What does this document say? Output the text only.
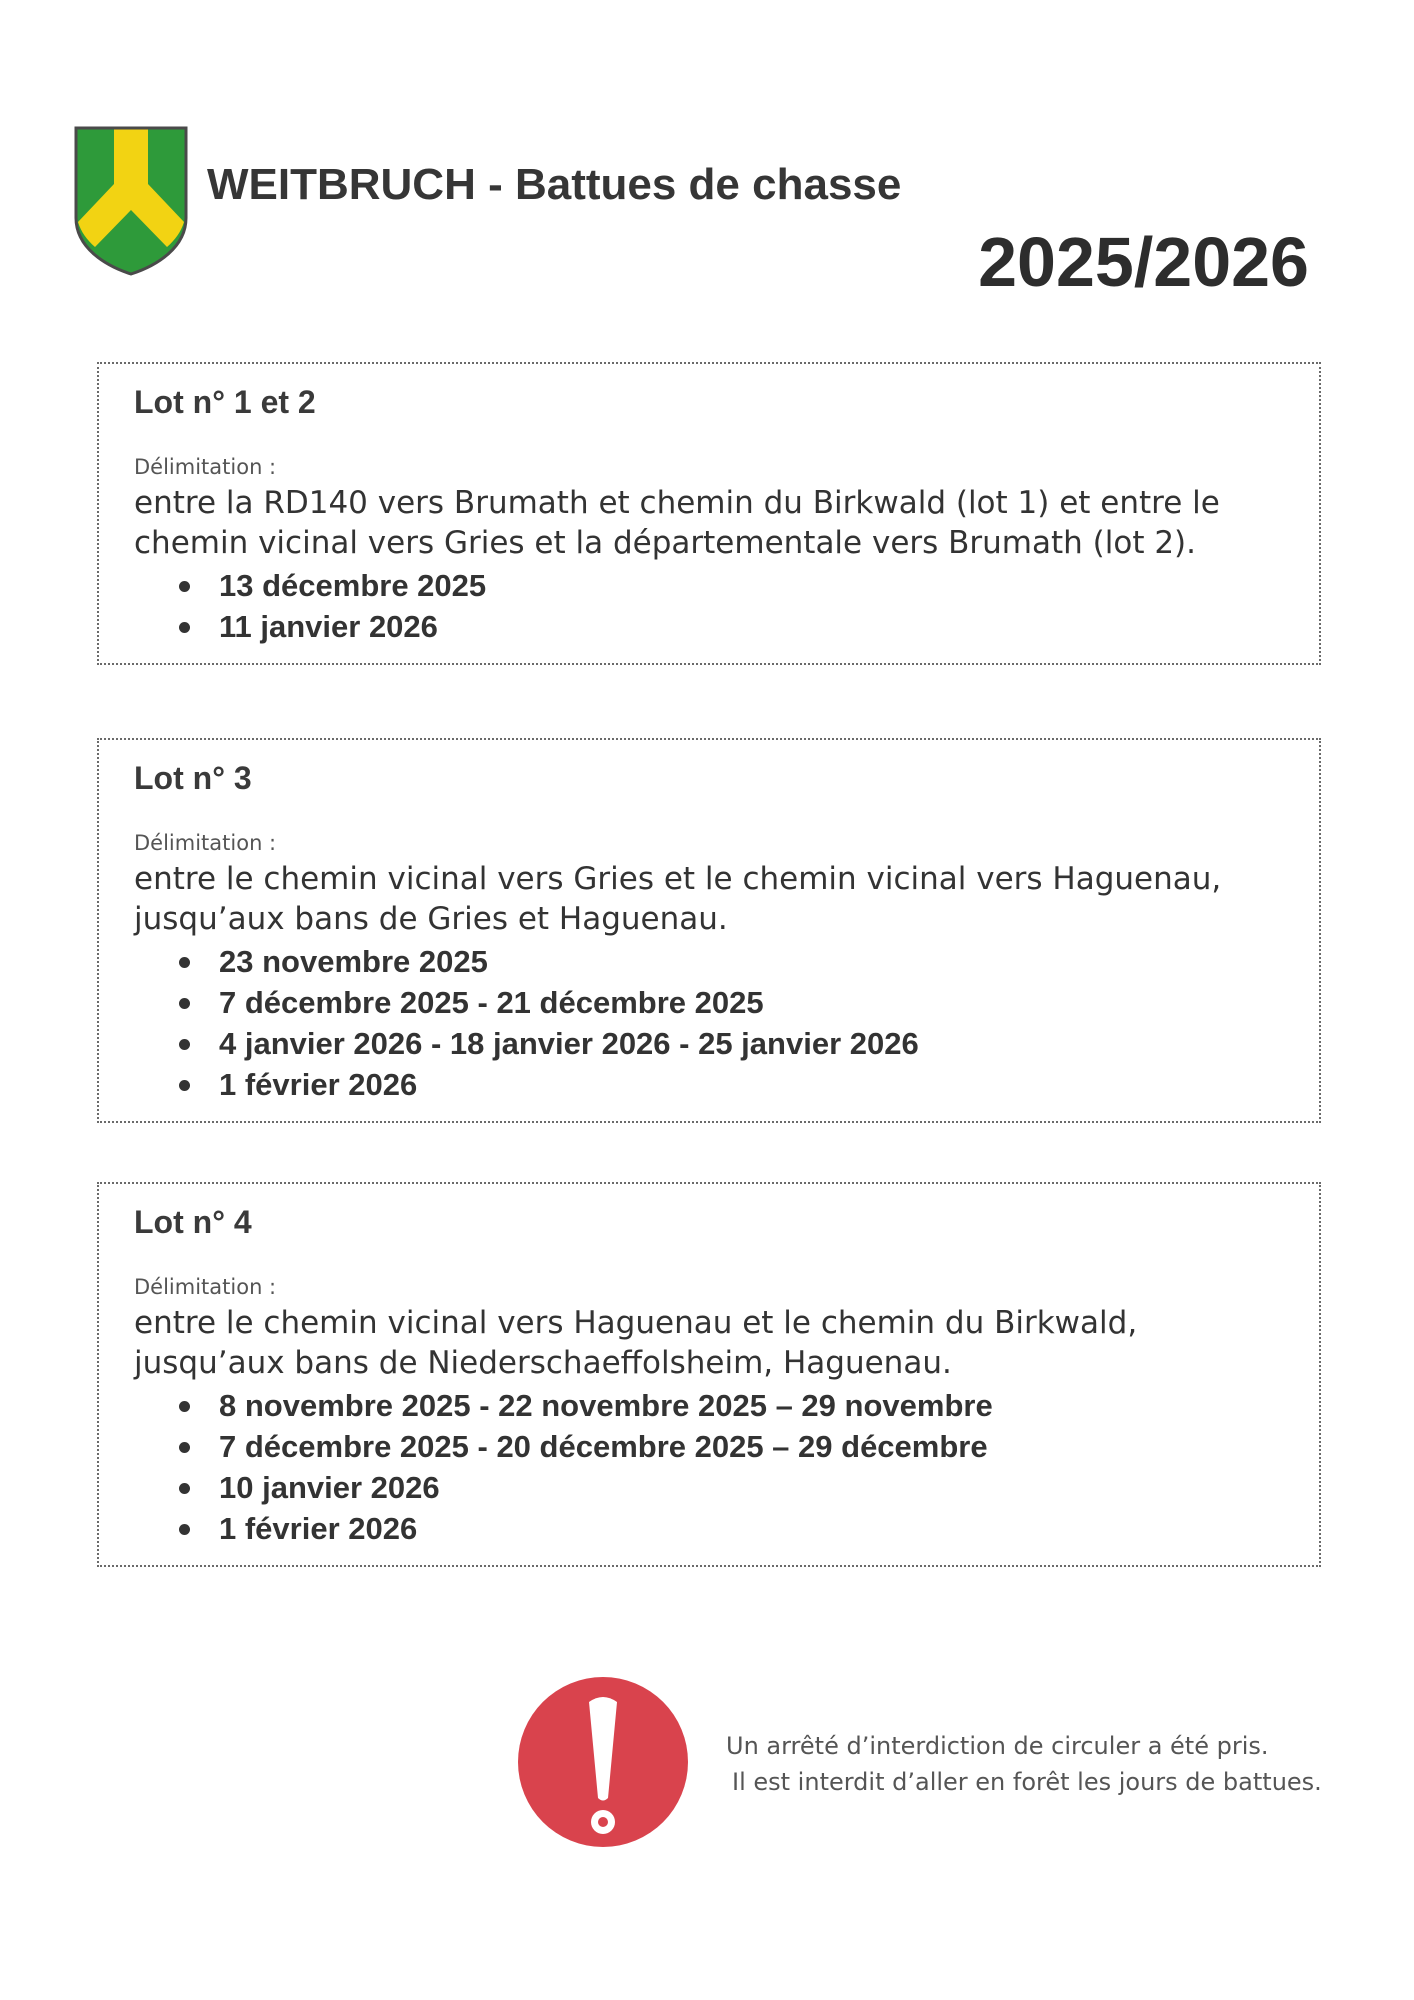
WEITBRUCH - Battues de chasse
2025/2026
Lot n° 1 et 2
Délimitation :
entre la RD140 vers Brumath et chemin du Birkwald (lot 1) et entre le chemin vicinal vers Gries et la départementale vers Brumath (lot 2).
13 décembre 2025
11 janvier 2026
Lot n° 3
Délimitation :
entre le chemin vicinal vers Gries et le chemin vicinal vers Haguenau, jusqu’aux bans de Gries et Haguenau.
23 novembre 2025
7 décembre 2025 - 21 décembre 2025
4 janvier 2026 - 18 janvier 2026 - 25 janvier 2026
1 février 2026
Lot n° 4
Délimitation :
entre le chemin vicinal vers Haguenau et le chemin du Birkwald, jusqu’aux bans de Niederschaeffolsheim, Haguenau.
8 novembre 2025 - 22 novembre 2025 – 29 novembre
7 décembre 2025 - 20 décembre 2025 – 29 décembre
10 janvier 2026
1 février 2026

Un arrêté d’interdiction de circuler a été pris.
Il est interdit d’aller en forêt les jours de battues.
